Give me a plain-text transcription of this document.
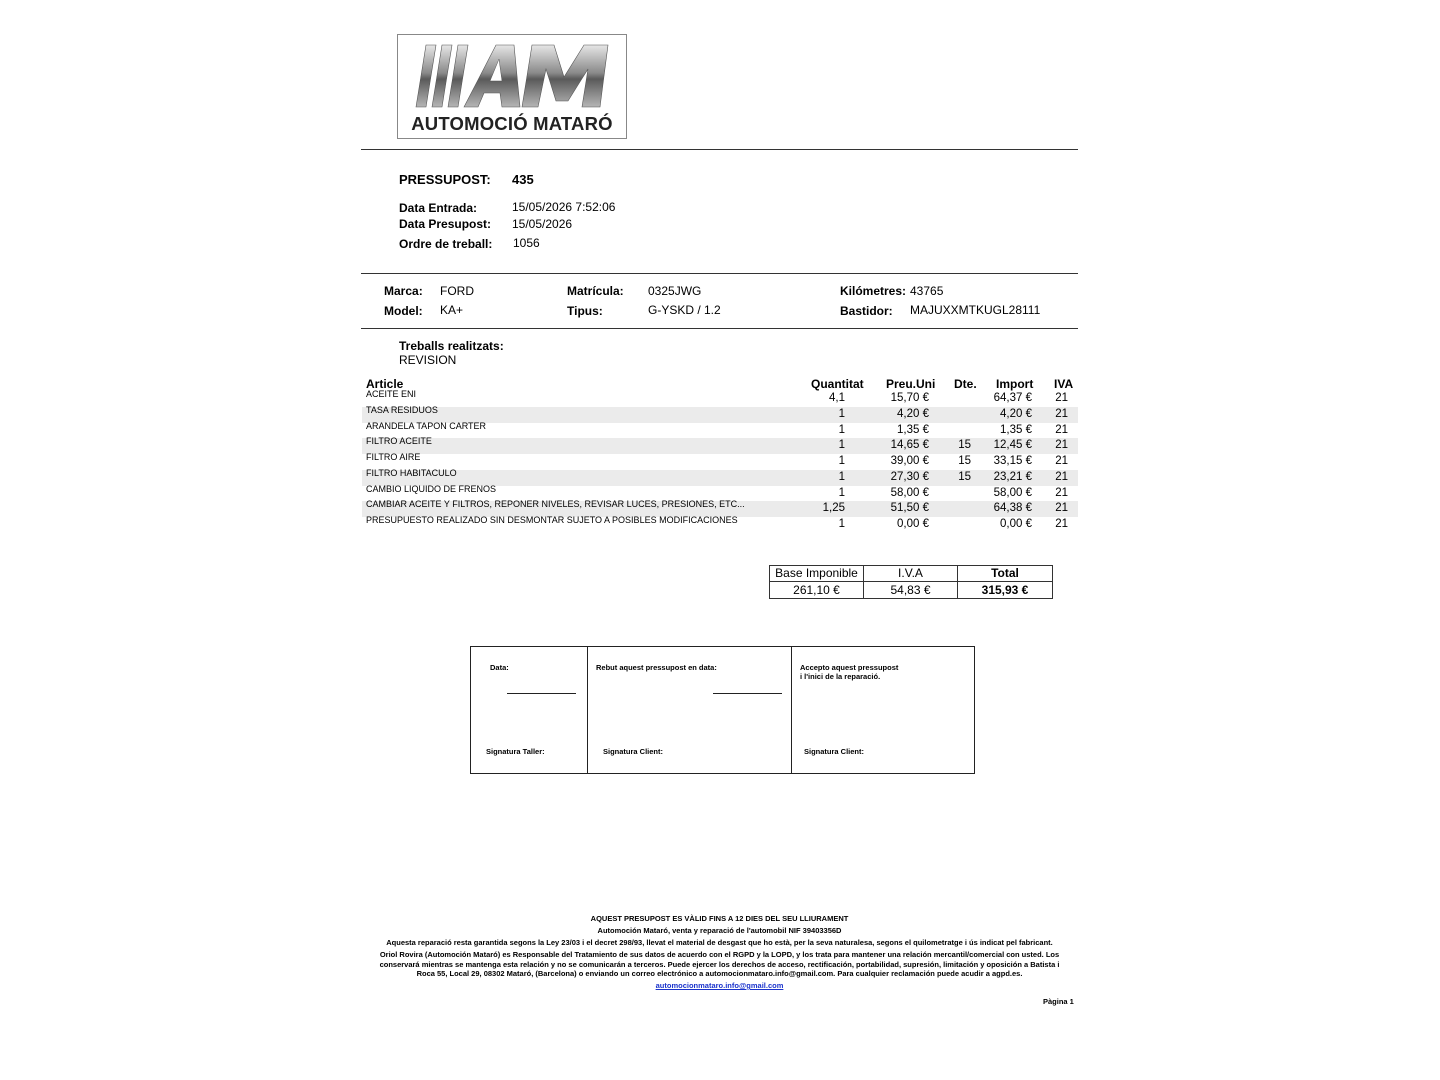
AUTOMOCIÓ MATARÓ
PRESSUPOST: 435
Data Entrada:	15/05/2026 7:52:06
Data Presupost: 15/05/2026
Ordre de treball: 1056
Marca: FORD
Model: KA+
Matrícula: 0325JWG
Tipus:	G-YSKD / 1.2
Kilómetres: 43765
Bastidor: MAJUXXMTKUGL28111
Treballs realitzats:
REVISION
Article	Quantitat Preu.Uni Dte. Import IVA
ACEITE ENI	4,1	15,70 €	64,37 € 21
TASA RESIDUOS	1	4,20 €	4,20 € 21
ARANDELA TAPON CARTER	1	1,35 €	1,35 € 21
FILTRO ACEITE	1	14,65 €	15 12,45 € 21
FILTRO AIRE	1	39,00 €	15 33,15 € 21
FILTRO HABITACULO	1	27,30 €	15 23,21 € 21
CAMBIO LIQUIDO DE FRENOS	1	58,00 €	58,00 € 21
CAMBIAR ACEITE Y FILTROS, REPONER NIVELES, REVISAR LUCES, PRESIONES, ETC...	1,25	51,50 €	64,38 € 21
PRESUPUESTO REALIZADO SIN DESMONTAR SUJETO A POSIBLES MODIFICACIONES	1	0,00 €	0,00 € 21
Base Imponible	I.V.A	Total
261,10 €	54,83 €	315,93 €
Data:
Signatura Taller:
Rebut aquest pressupost en data:
Signatura Client:
Accepto aquest pressupost
i l'inici de la reparació.
Signatura Client:
AQUEST PRESUPOST ES VÀLID FINS A 12 DIES DEL SEU LLIURAMENT
Automoción Mataró, venta y reparació de l'automobil NIF 39403356D
Aquesta reparació resta garantida segons la Ley 23/03 i el decret 298/93, llevat el material de desgast que ho està, per la seva naturalesa, segons el quilometratge i ús indicat pel fabricant.
Oriol Rovira (Automoción Mataró) es Responsable del Tratamiento de sus datos de acuerdo con el RGPD y la LOPD, y los trata para mantener una relación mercantil/comercial con usted. Los
conservará mientras se mantenga esta relación y no se comunicarán a terceros. Puede ejercer los derechos de acceso, rectificación, portabilidad, supresión, limitación y oposición a Batista i
Roca 55, Local 29, 08302 Mataró, (Barcelona) o enviando un correo electrónico a automocionmataro.info@gmail.com. Para cualquier reclamación puede acudir a agpd.es.
automocionmataro.info@gmail.com
Pàgina 1
